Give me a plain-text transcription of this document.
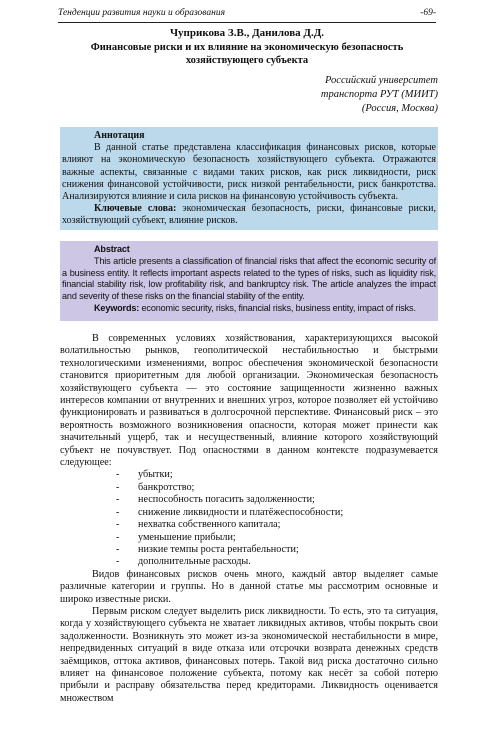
Тенденции развития науки и образования	-69-
Чуприкова З.В., Данилова Д.Д.
Финансовые риски и их влияние на экономическую безопасность хозяйствующего субъекта
Российский университет
транспорта РУТ (МИИТ)
(Россия, Москва)
Аннотация

В данной статье представлена классификация финансовых рисков, которые влияют на экономическую безопасность хозяйствующего субъекта. Отражаются важные аспекты, связанные с видами таких рисков, как риск ликвидности, риск снижения финансовой устойчивости, риск низкой рентабельности, риск банкротства. Анализируются влияние и сила рисков на финансовую устойчивость субъекта.

Ключевые слова: экономическая безопасность, риски, финансовые риски, хозяйствующий субъект, влияние рисков.

Abstract

This article presents a classification of financial risks that affect the economic security of a business entity. It reflects important aspects related to the types of risks, such as liquidity risk, financial stability risk, low profitability risk, and bankruptcy risk. The article analyzes the impact and severity of these risks on the financial stability of the entity.

Keywords: economic security, risks, financial risks, business entity, impact of risks.

В современных условиях хозяйствования, характеризующихся высокой волатильностью рынков, геополитической нестабильностью и быстрыми технологическими изменениями, вопрос обеспечения экономической безопасности становится приоритетным для любой организации. Экономическая безопасность хозяйствующего субъекта — это состояние защищенности жизненно важных интересов компании от внутренних и внешних угроз, которое позволяет ей устойчиво функционировать и развиваться в долгосрочной перспективе. Финансовый риск – это вероятность возможного возникновения опасности, которая может принести как значительный ущерб, так и несущественный, влияние которого хозяйствующий субъект не почувствует. Под опасностями в данном контексте подразумевается следующее:

- убытки;
- банкротство;
- неспособность погасить задолженности;
- снижение ликвидности и платёжеспособности;
- нехватка собственного капитала;
- уменьшение прибыли;
- низкие темпы роста рентабельности;
- дополнительные расходы.

Видов финансовых рисков очень много, каждый автор выделяет самые различные категории и группы. Но в данной статье мы рассмотрим основные и широко известные риски.

Первым риском следует выделить риск ликвидности. То есть, это та ситуация, когда у хозяйствующего субъекта не хватает ликвидных активов, чтобы покрыть свои задолженности. Возникнуть это может из-за экономической нестабильности в мире, непредвиденных ситуаций в виде отказа или отсрочки возврата денежных средств заёмщиков, оттока активов, финансовых потерь. Такой вид риска достаточно сильно влияет на финансовое положение субъекта, потому как несёт за собой потерю прибыли и расправу обязательства перед кредиторами. Ликвидность оценивается множеством
